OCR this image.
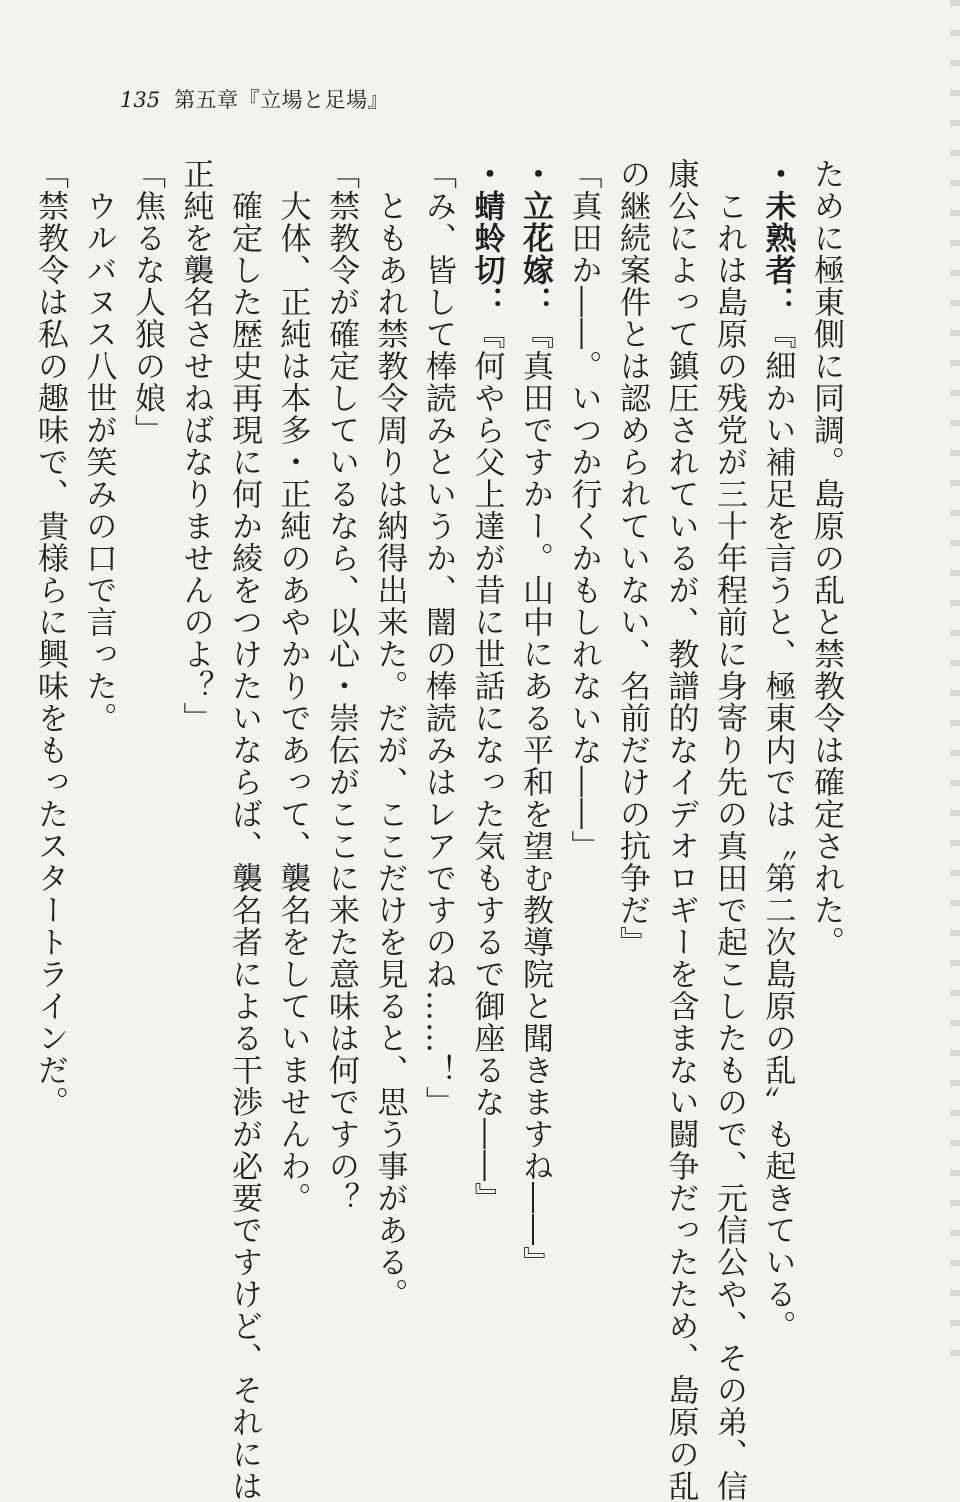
135 第五章『立場と足場』
ために極東側に同調。島原の乱と禁教令は確定された。
・未熟者：『細かい補足を言うと、極東内では〝第二次島原の乱〟も起きている。
　これは島原の残党が三十年程前に身寄り先の真田で起こしたもので、元信公や、その弟、信
康公によって鎮圧されているが、教譜的なイデオロギーを含まない闘争だったため、島原の乱
の継続案件とは認められていない、名前だけの抗争だ』
「真田か――。いつか行くかもしれないな――」
・立花嫁：『真田ですかー。山中にある平和を望む教導院と聞きますね――』
・蜻蛉切：『何やら父上達が昔に世話になった気もするで御座るな――』
「み、皆して棒読みというか、闇の棒読みはレアですのね……！」
　ともあれ禁教令周りは納得出来た。だが、ここだけを見ると、思う事がある。
「禁教令が確定しているなら、以心・崇伝がここに来た意味は何ですの？
　大体、正純は本多・正純のあやかりであって、襲名をしていませんわ。
　確定した歴史再現に何か綾をつけたいならば、襲名者による干渉が必要ですけど、それには
正純を襲名させねばなりませんのよ？」
「焦るな人狼の娘」
　ウルバヌス八世が笑みの口で言った。
「禁教令は私の趣味で、貴様らに興味をもったスタートラインだ。
